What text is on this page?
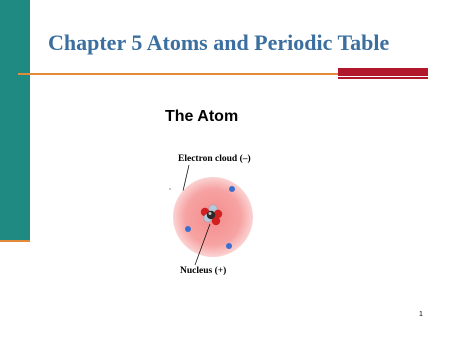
Chapter 5 Atoms and Periodic Table
The Atom
Electron cloud (–)
Nucleus (+)
1
